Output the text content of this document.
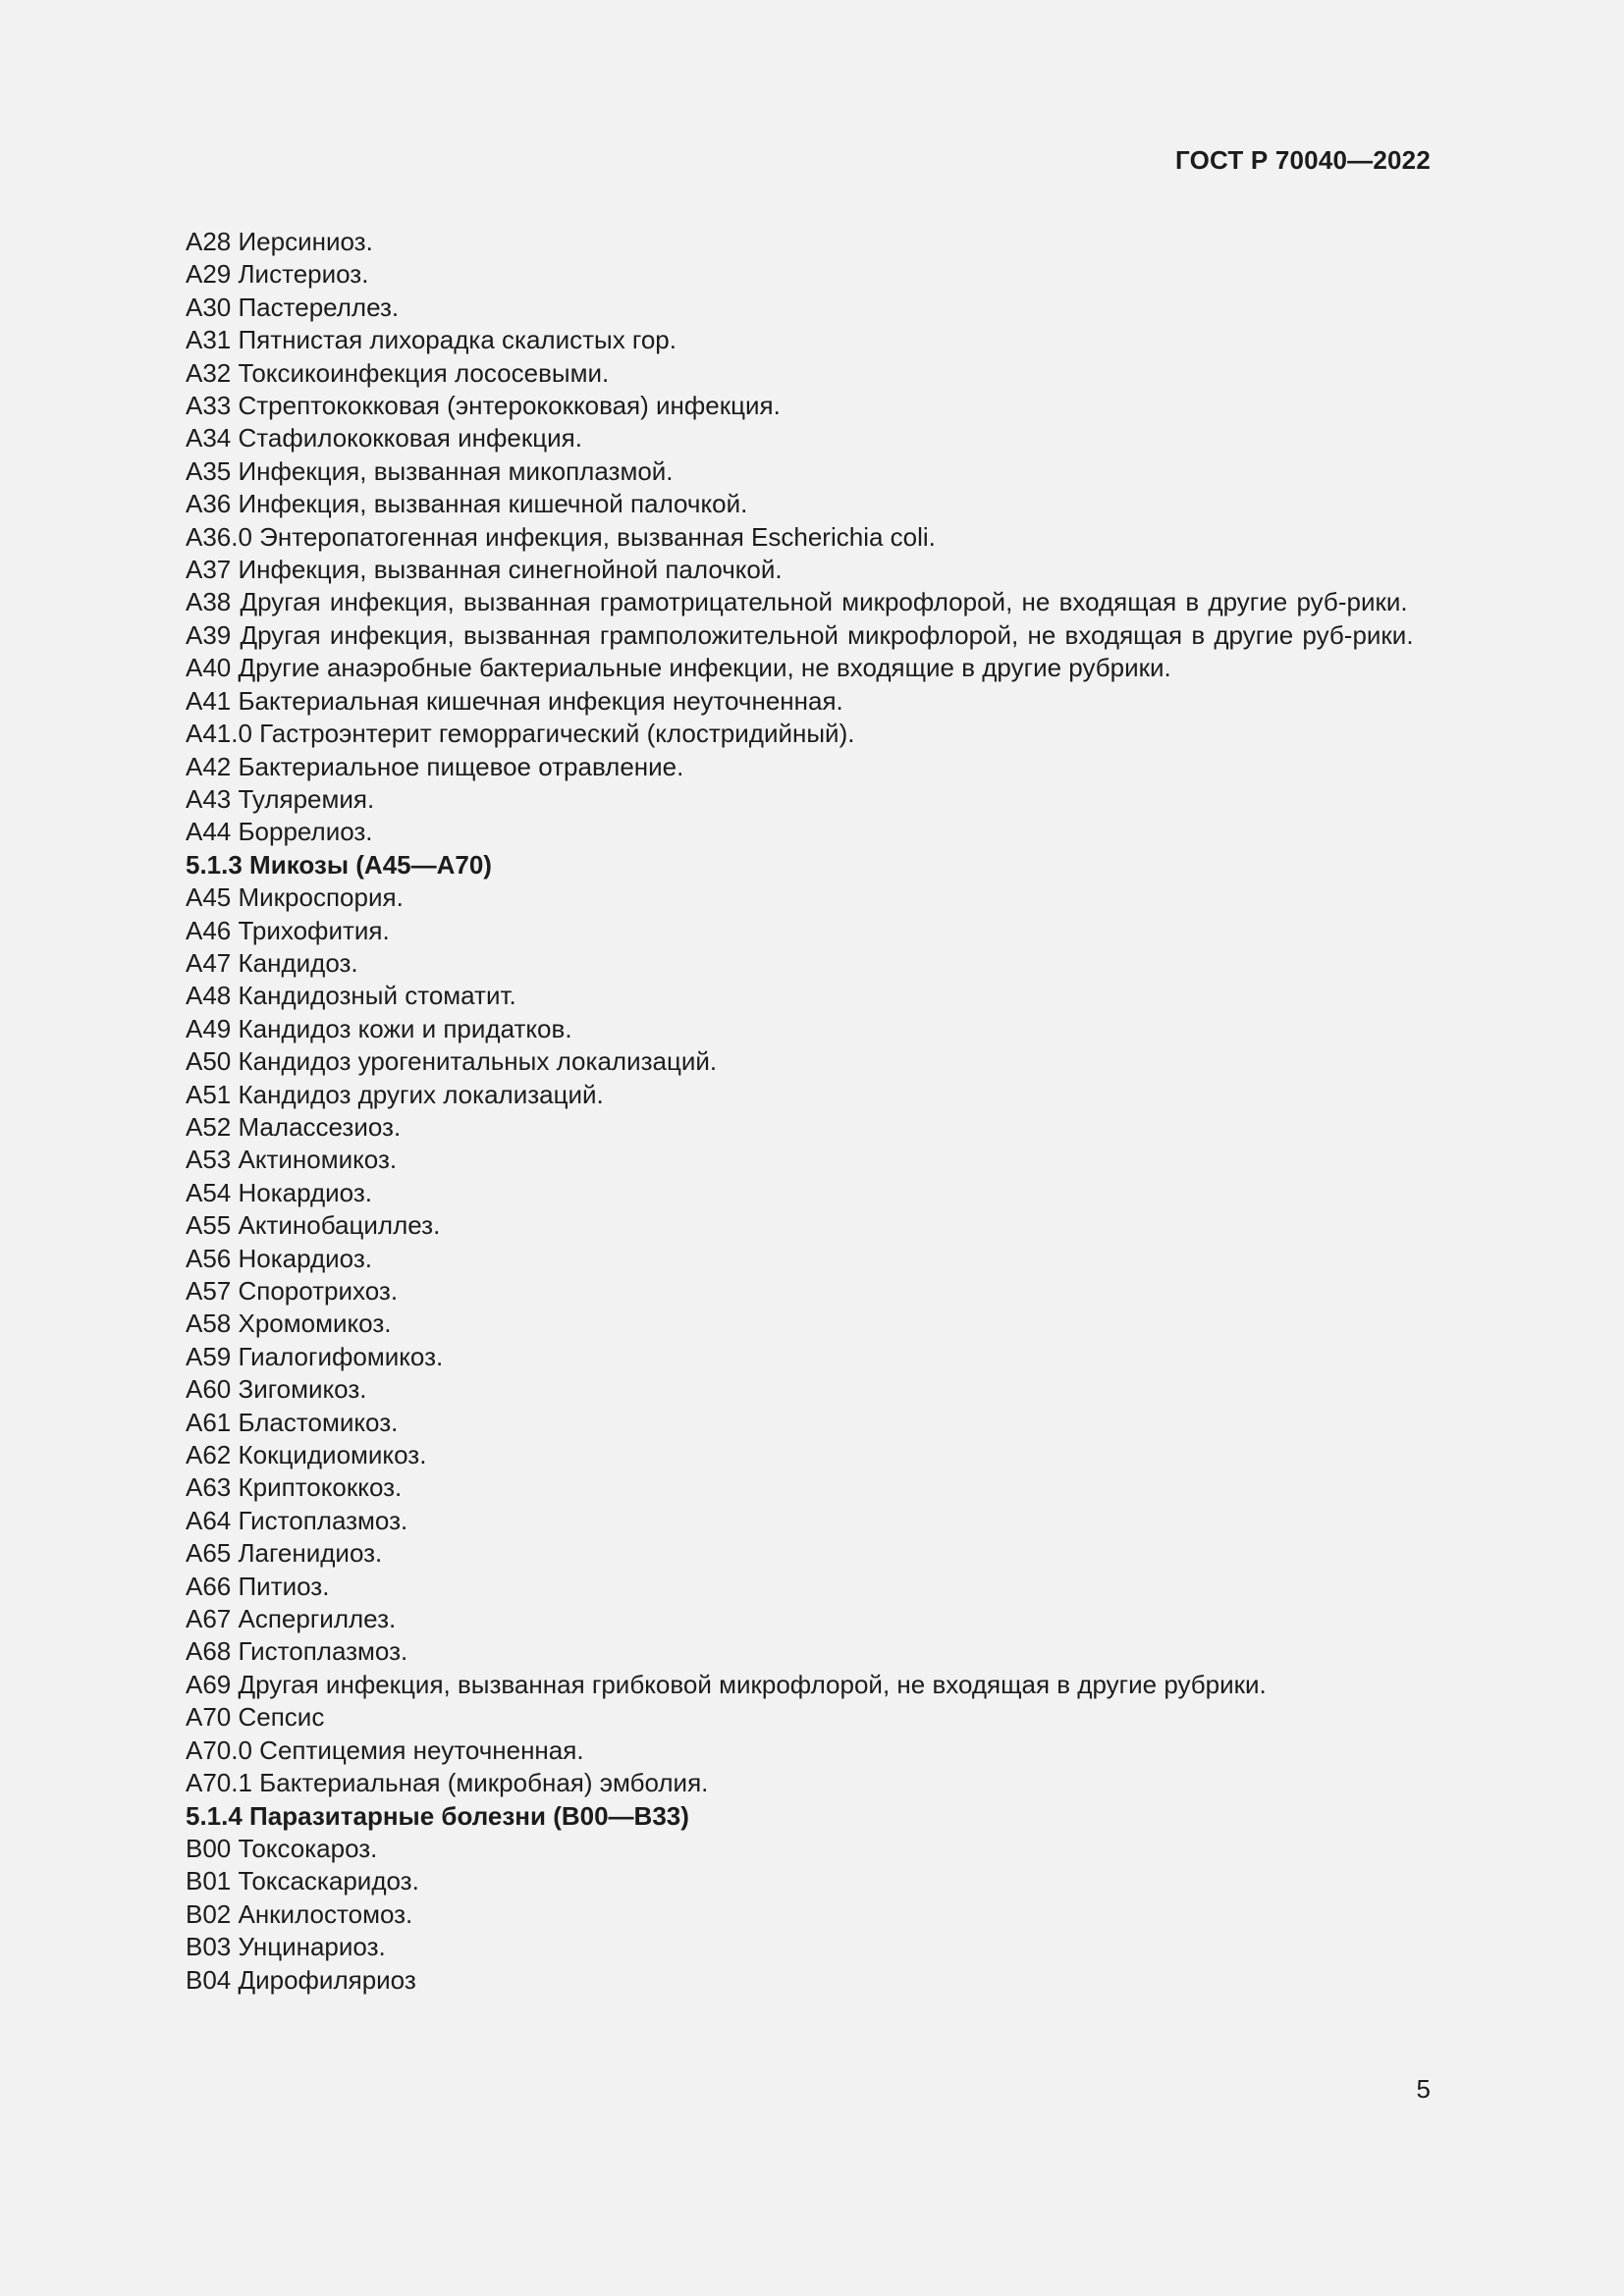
ГОСТ Р 70040—2022
А28 Иерсиниоз.
А29 Листериоз.
А30 Пастереллез.
А31 Пятнистая лихорадка скалистых гор.
А32 Токсикоинфекция лососевыми.
А33 Стрептококковая (энтерококковая) инфекция.
А34 Стафилококковая инфекция.
А35 Инфекция, вызванная микоплазмой.
А36 Инфекция, вызванная кишечной палочкой.
А36.0 Энтеропатогенная инфекция, вызванная Escherichia coli.
А37 Инфекция, вызванная синегнойной палочкой.
А38 Другая инфекция, вызванная грамотрицательной микрофлорой, не входящая в другие руб-​рики.
А39 Другая инфекция, вызванная грамположительной микрофлорой, не входящая в другие руб-​рики.
А40 Другие анаэробные бактериальные инфекции, не входящие в другие рубрики.
А41 Бактериальная кишечная инфекция неуточненная.
А41.0 Гастроэнтерит геморрагический (клостридийный).
А42 Бактериальное пищевое отравление.
А43 Туляремия.
А44 Боррелиоз.
5.1.3 Микозы (А45—А70)
А45 Микроспория.
А46 Трихофития.
А47 Кандидоз.
А48 Кандидозный стоматит.
А49 Кандидоз кожи и придатков.
А50 Кандидоз урогенитальных локализаций.
А51 Кандидоз других локализаций.
А52 Малассезиоз.
А53 Актиномикоз.
А54 Нокардиоз.
А55 Актинобациллез.
А56 Нокардиоз.
А57 Споротрихоз.
А58 Хромомикоз.
А59 Гиалогифомикоз.
А60 Зигомикоз.
А61 Бластомикоз.
А62 Кокцидиомикоз.
А63 Криптококкоз.
А64 Гистоплазмоз.
А65 Лагенидиоз.
А66 Питиоз.
А67 Аспергиллез.
А68 Гистоплазмоз.
А69 Другая инфекция, вызванная грибковой микрофлорой, не входящая в другие рубрики.
А70 Сепсис
А70.0 Септицемия неуточненная.
А70.1 Бактериальная (микробная) эмболия.
5.1.4 Паразитарные болезни (В00—В33)
В00 Токсокароз.
В01 Токсаскаридоз.
В02 Анкилостомоз.
В03 Унцинариоз.
В04 Дирофиляриоз
5
